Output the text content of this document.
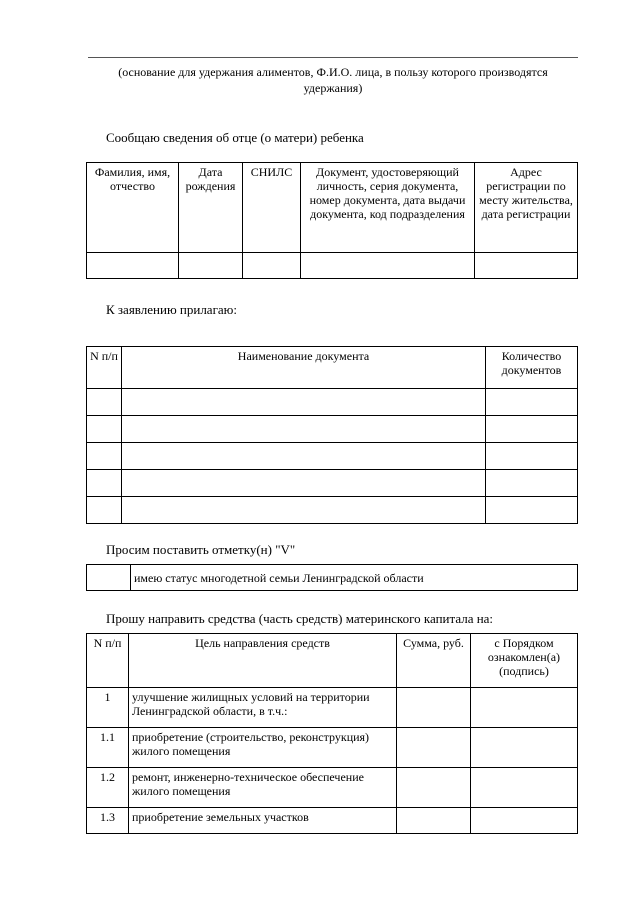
(основание для удержания алиментов, Ф.И.О. лица, в пользу которого производятся удержания)
Сообщаю сведения об отце (о матери) ребенка
Фамилия, имя, отчество	Дата рождения	СНИЛС	Документ, удостоверяющий личность, серия документа, номер документа, дата выдачи документа, код подразделения	Адрес регистрации по месту жительства, дата регистрации

К заявлению прилагаю:
N п/п	Наименование документа	Количество документов

Просим поставить отметку(н) "V"
	имею статус многодетной семьи Ленинградской области
Прошу направить средства (часть средств) материнского капитала на:
N п/п	Цель направления средств	Сумма, руб.	с Порядком ознакомлен(а) (подпись)
1	улучшение жилищных условий на территории Ленинградской области, в т.ч.:		
1.1	приобретение (строительство, реконструкция) жилого помещения		
1.2	ремонт, инженерно-техническое обеспечение жилого помещения		
1.3	приобретение земельных участков		
